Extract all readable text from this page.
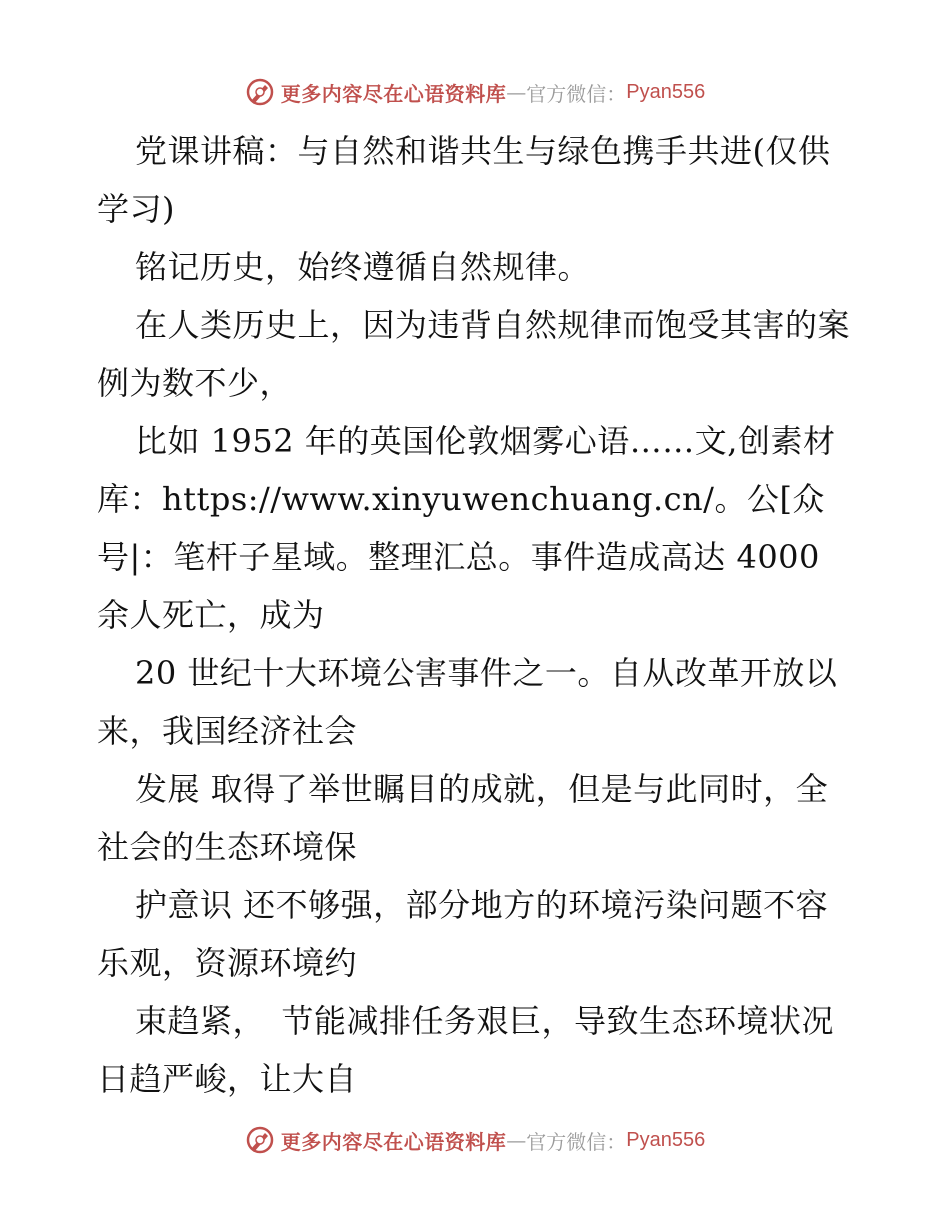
更多内容尽在心语资料库 — 官方微信： Pyan556

党课讲稿：与自然和谐共生与绿色携手共进(仅供学习)

铭记历史，始终遵循自然规律。

在人类历史上，因为违背自然规律而饱受其害的案例为数不少，

比如 1952 年的英国伦敦烟雾心语……文,创素材库：https://www.xinyuwenchuang.cn/。公[众号|：笔杆子星域。整理汇总。事件造成高达 4000 余人死亡，成为

20 世纪十大环境公害事件之一。自从改革开放以来，我国经济社会

发展 取得了举世瞩目的成就，但是与此同时，全社会的生态环境保

护意识 还不够强，部分地方的环境污染问题不容乐观，资源环境约

束趋紧，　节能减排任务艰巨，导致生态环境状况日趋严峻，让大自

更多内容尽在心语资料库 — 官方微信： Pyan556
